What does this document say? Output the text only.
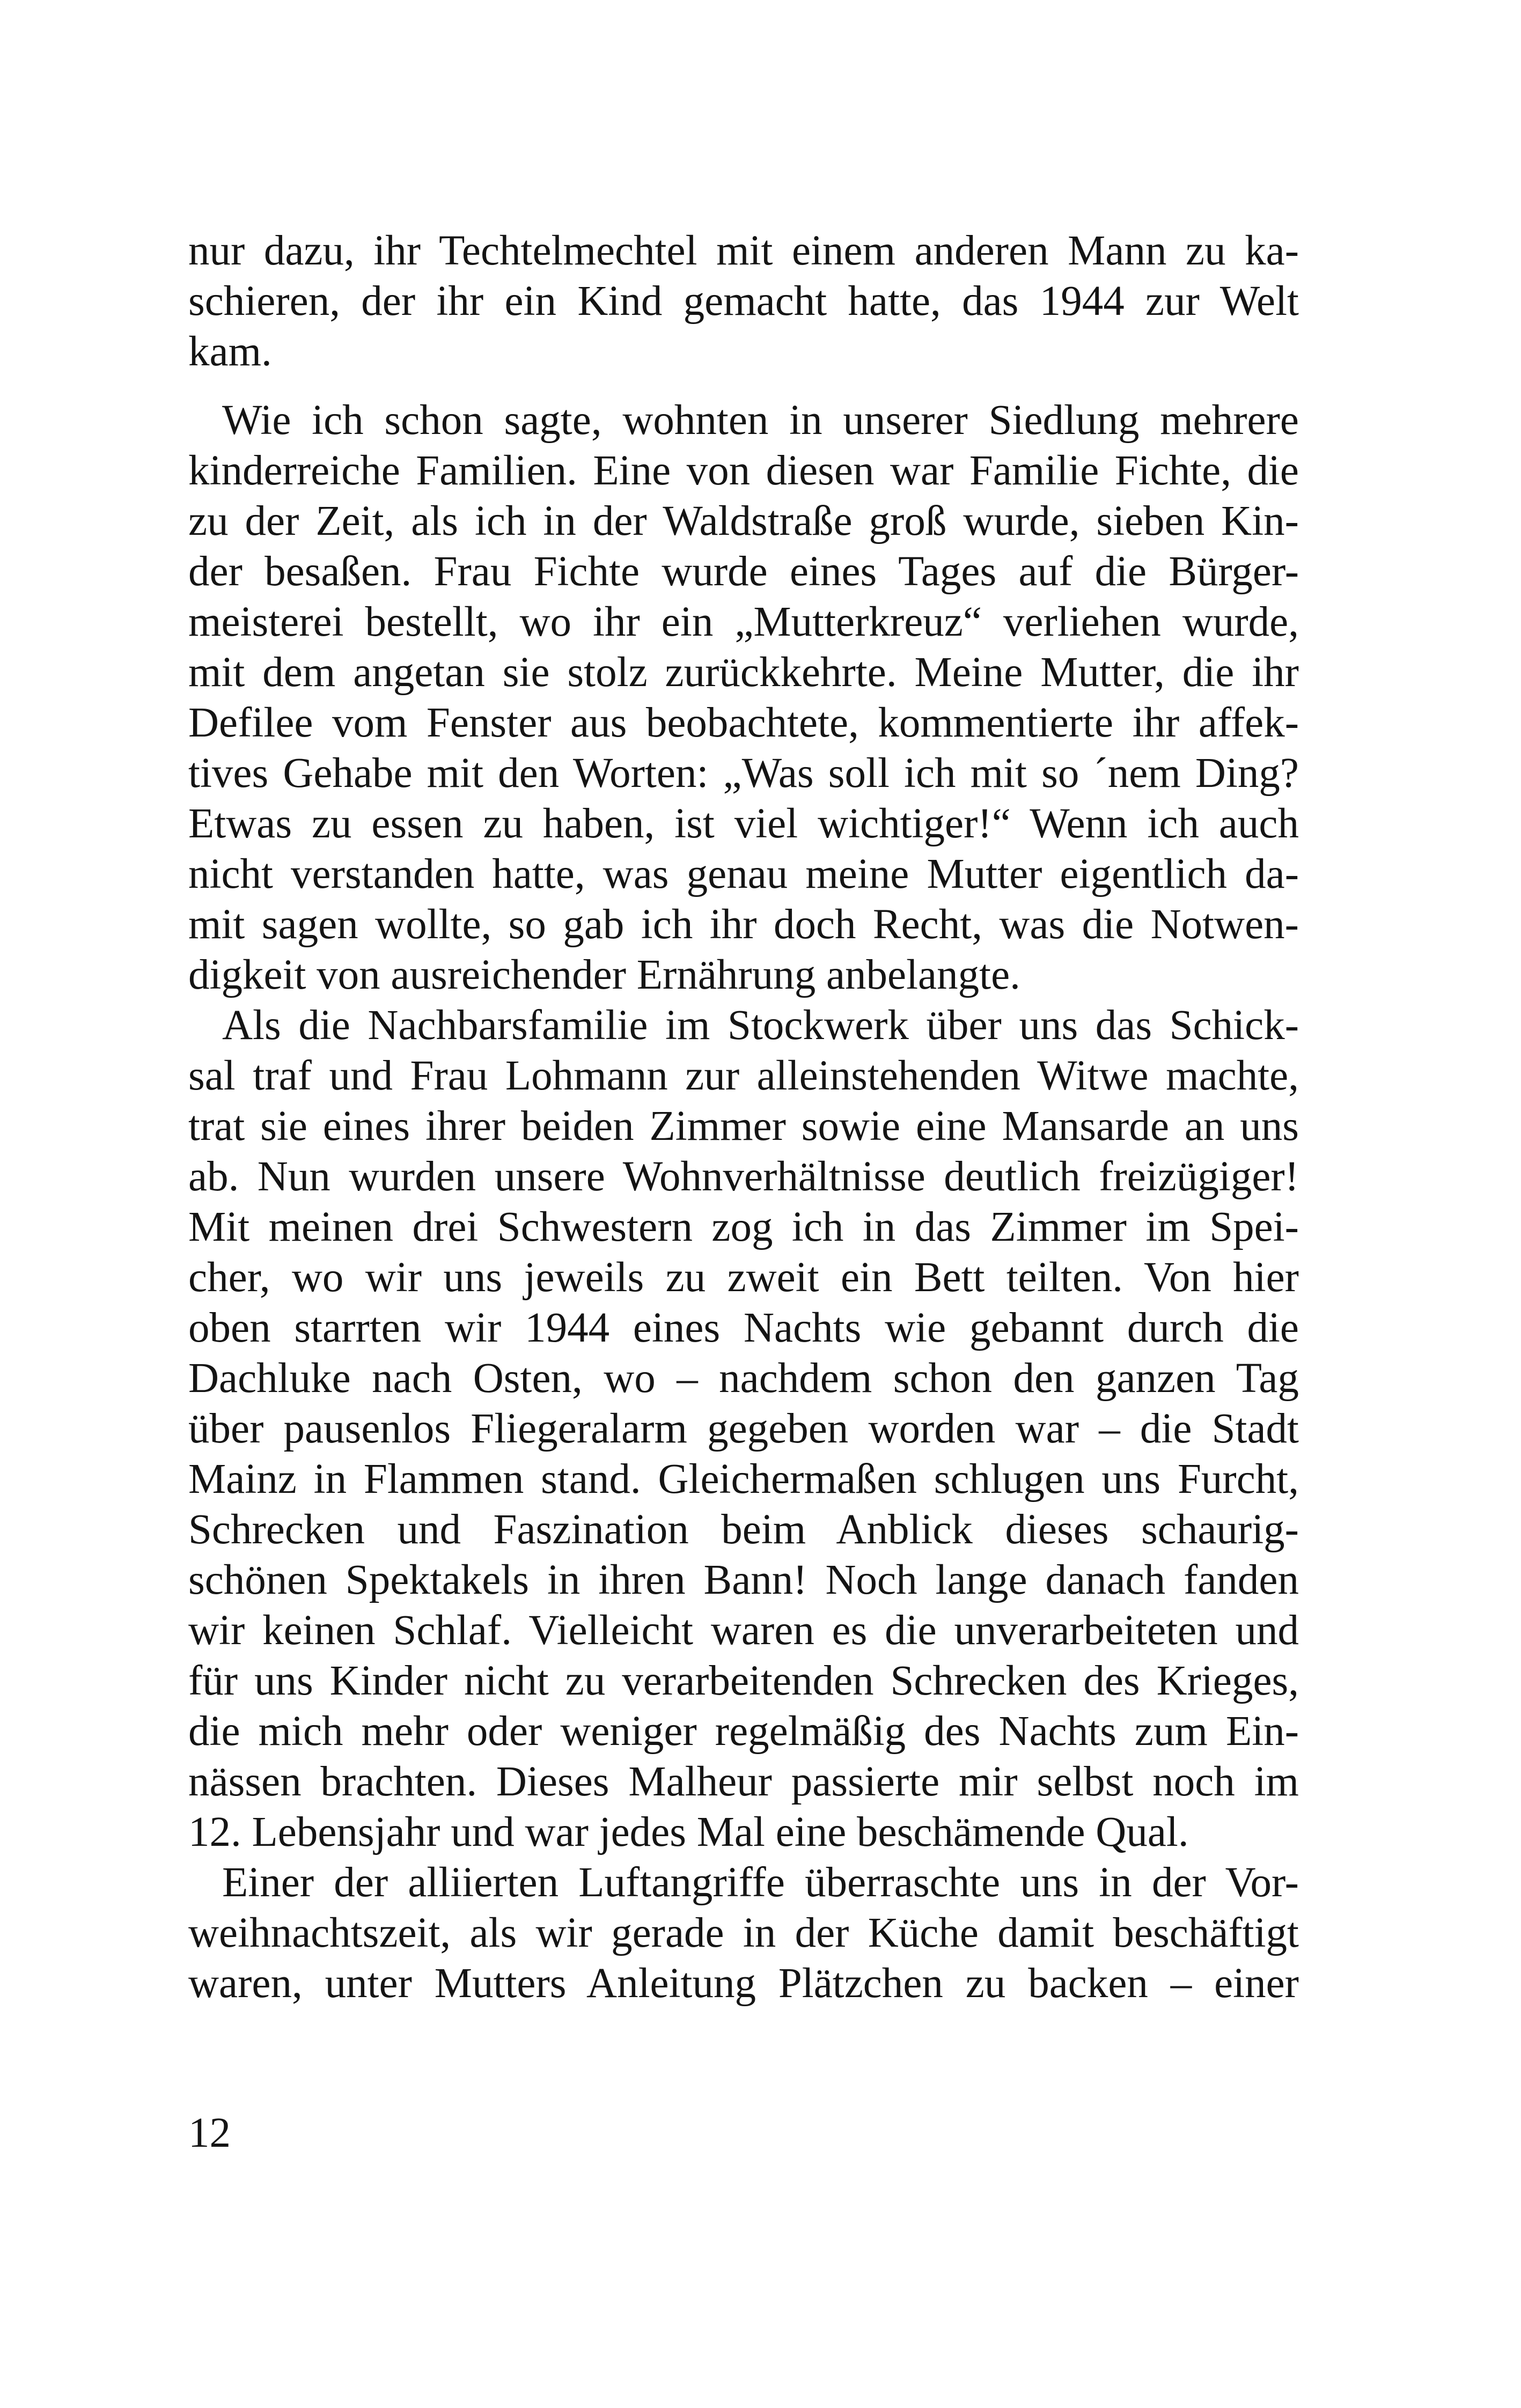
nur dazu, ihr Techtelmechtel mit einem anderen Mann zu ka-
schieren, der ihr ein Kind gemacht hatte, das 1944 zur Welt
kam.
Wie ich schon sagte, wohnten in unserer Siedlung mehrere
kinderreiche Familien. Eine von diesen war Familie Fichte, die
zu der Zeit, als ich in der Waldstraße groß wurde, sieben Kin-
der besaßen. Frau Fichte wurde eines Tages auf die Bürger-
meisterei bestellt, wo ihr ein „Mutterkreuz“ verliehen wurde,
mit dem angetan sie stolz zurückkehrte. Meine Mutter, die ihr
Defilee vom Fenster aus beobachtete, kommentierte ihr affek-
tives Gehabe mit den Worten: „Was soll ich mit so ´nem Ding?
Etwas zu essen zu haben, ist viel wichtiger!“ Wenn ich auch
nicht verstanden hatte, was genau meine Mutter eigentlich da-
mit sagen wollte, so gab ich ihr doch Recht, was die Notwen-
digkeit von ausreichender Ernährung anbelangte.
Als die Nachbarsfamilie im Stockwerk über uns das Schick-
sal traf und Frau Lohmann zur alleinstehenden Witwe machte,
trat sie eines ihrer beiden Zimmer sowie eine Mansarde an uns
ab. Nun wurden unsere Wohnverhältnisse deutlich freizügiger!
Mit meinen drei Schwestern zog ich in das Zimmer im Spei-
cher, wo wir uns jeweils zu zweit ein Bett teilten. Von hier
oben starrten wir 1944 eines Nachts wie gebannt durch die
Dachluke nach Osten, wo – nachdem schon den ganzen Tag
über pausenlos Fliegeralarm gegeben worden war – die Stadt
Mainz in Flammen stand. Gleichermaßen schlugen uns Furcht,
Schrecken und Faszination beim Anblick dieses schaurig-
schönen Spektakels in ihren Bann! Noch lange danach fanden
wir keinen Schlaf. Vielleicht waren es die unverarbeiteten und
für uns Kinder nicht zu verarbeitenden Schrecken des Krieges,
die mich mehr oder weniger regelmäßig des Nachts zum Ein-
nässen brachten. Dieses Malheur passierte mir selbst noch im
12. Lebensjahr und war jedes Mal eine beschämende Qual.
Einer der alliierten Luftangriffe überraschte uns in der Vor-
weihnachtszeit, als wir gerade in der Küche damit beschäftigt
waren, unter Mutters Anleitung Plätzchen zu backen – einer
12
